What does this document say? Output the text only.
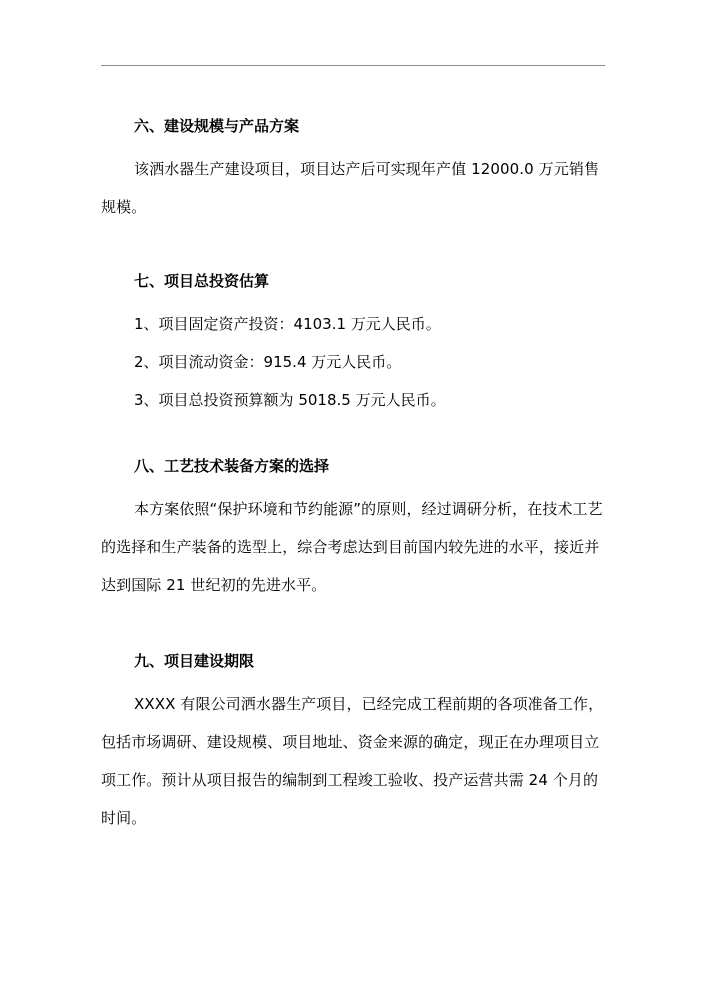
六、建设规模与产品方案

该洒水器生产建设项目，项目达产后可实现年产值 12000.0 万元销售规模。

七、项目总投资估算

1、项目固定资产投资：4103.1 万元人民币。

2、项目流动资金：915.4 万元人民币。

3、项目总投资预算额为 5018.5 万元人民币。

八、工艺技术装备方案的选择

本方案依照“保护环境和节约能源”的原则，经过调研分析，在技术工艺的选择和生产装备的选型上，综合考虑达到目前国内较先进的水平，接近并达到国际 21 世纪初的先进水平。

九、项目建设期限

XXXX 有限公司洒水器生产项目，已经完成工程前期的各项准备工作，包括市场调研、建设规模、项目地址、资金来源的确定，现正在办理项目立项工作。预计从项目报告的编制到工程竣工验收、投产运营共需 24 个月的时间。
